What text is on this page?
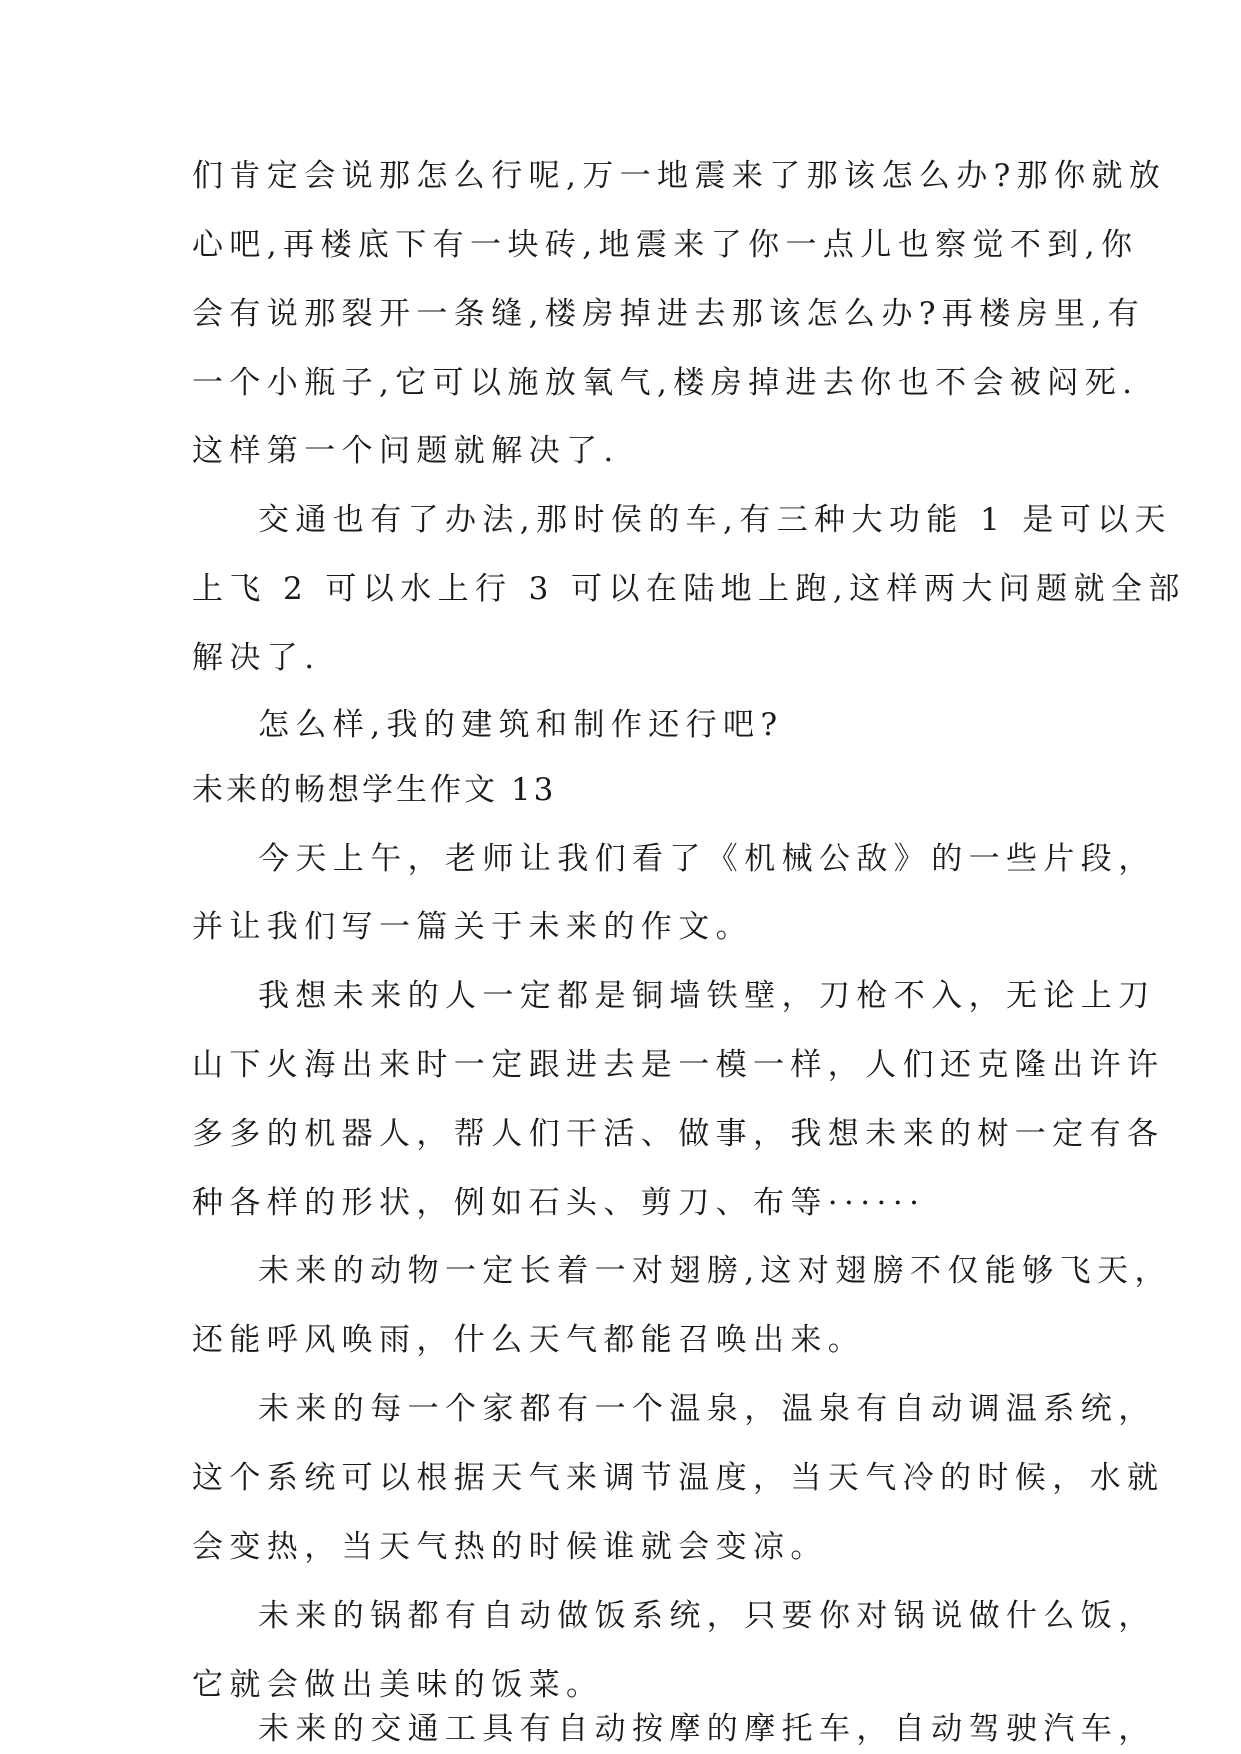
们肯定会说那怎么行呢,万一地震来了那该怎么办?那你就放
心吧,再楼底下有一块砖,地震来了你一点儿也察觉不到,你
会有说那裂开一条缝,楼房掉进去那该怎么办?再楼房里,有
一个小瓶子,它可以施放氧气,楼房掉进去你也不会被闷死.
这样第一个问题就解决了.
交通也有了办法,那时侯的车,有三种大功能 1 是可以天
上飞 2 可以水上行 3 可以在陆地上跑,这样两大问题就全部
解决了.
怎么样,我的建筑和制作还行吧?
未来的畅想学生作文 13
今天上午，老师让我们看了《机械公敌》的一些片段，
并让我们写一篇关于未来的作文。
我想未来的人一定都是铜墙铁壁，刀枪不入，无论上刀
山下火海出来时一定跟进去是一模一样，人们还克隆出许许
多多的机器人，帮人们干活、做事，我想未来的树一定有各
种各样的形状，例如石头、剪刀、布等······
未来的动物一定长着一对翅膀,这对翅膀不仅能够飞天，
还能呼风唤雨，什么天气都能召唤出来。
未来的每一个家都有一个温泉，温泉有自动调温系统，
这个系统可以根据天气来调节温度，当天气冷的时候，水就
会变热，当天气热的时候谁就会变凉。
未来的锅都有自动做饭系统，只要你对锅说做什么饭，
它就会做出美味的饭菜。
未来的交通工具有自动按摩的摩托车，自动驾驶汽车，
